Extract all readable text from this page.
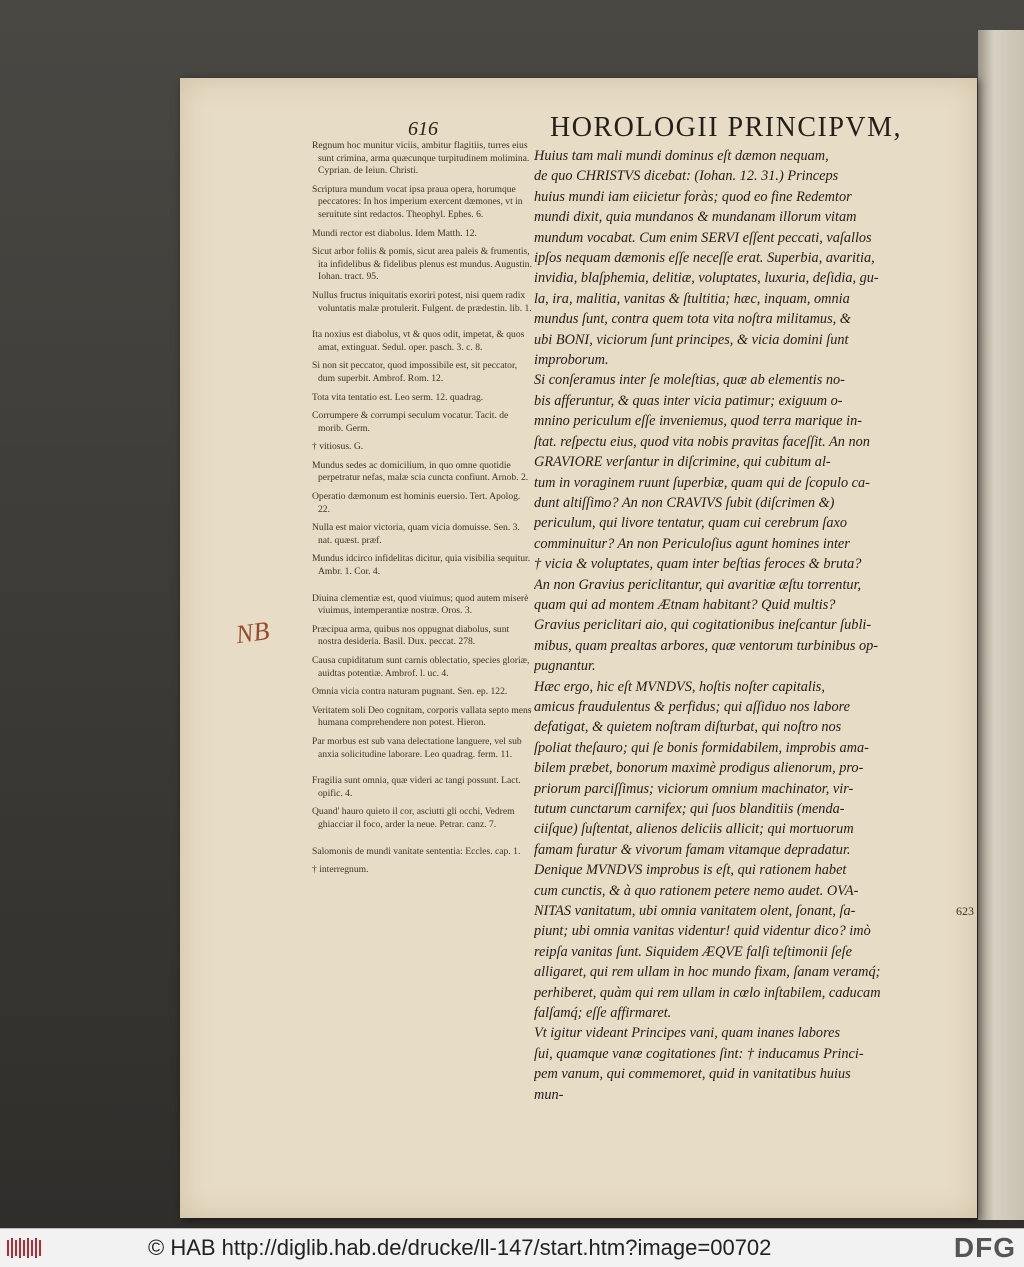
616	HOROLOGII PRINCIPVM,
Regnum hoc munitur viciis, ambitur flagitiis, turres eius sunt crimina, arma quæcunque turpitudinem molimina. Cyprian. de Ieiun. Christi.
Scriptura mundum vocat ipsa praua opera, horumque peccatores: In hos imperium exercent dæmones, vt in seruitute sint redactos. Theophyl. Ephes. 6.
Mundi rector est diabolus. Idem Matth. 12.
Sicut arbor foliis & pomis, sicut area paleis & frumentis, ita infidelibus & fidelibus plenus est mundus. Augustin. Iohan. tract. 95.
Nullus fructus iniquitatis exoriri potest, nisi quem radix voluntatis malæ protulerit. Fulgent. de prædestin. lib. 1.
Ita noxius est diabolus, vt & quos odit, impetat, & quos amat, extinguat. Sedul. oper. pasch. 3. c. 8.
Si non sit peccator, quod impossibile est, sit peccator, dum superbit. Ambrof. Rom. 12.
Tota vita tentatio est. Leo serm. 12. quadrag.
Corrumpere & corrumpi seculum vocatur. Tacit. de morib. Germ.
† vitiosus. G.
Mundus sedes ac domicilium, in quo omne quotidie perpetratur nefas, malæ scia cuncta confiunt. Arnob. 2.
Operatio dæmonum est hominis euersio. Tert. Apolog. 22.
Nulla est maior victoria, quam vicia domuisse. Sen. 3. nat. quæst. præf.
Mundus idcirco infidelitas dicitur, quia visibilia sequitur. Ambr. 1. Cor. 4.
Diuina clementiæ est, quod viuimus; quod autem miserè viuimus, intemperantiæ nostræ. Oros. 3.
Præcipua arma, quibus nos oppugnat diabolus, sunt nostra desideria. Basil. Dux. peccat. 278.
Causa cupiditatum sunt carnis oblectatio, species gloriæ, auidtas potentiæ. Ambrof. l. uc. 4.
Omnia vicia contra naturam pugnant. Sen. ep. 122.
Veritatem soli Deo cognitam, corporis vallata septo mens humana comprehendere non potest. Hieron.
Par morbus est sub vana delectatione languere, vel sub anxia solicitudine laborare. Leo quadrag. ferm. 11.
Fragilia sunt omnia, quæ videri ac tangi possunt. Lact. opific. 4.
Quand' hauro quieto il cor, asciutti gli occhi, Vedrem ghiacciar il foco, arder la neue. Petrar. canz. 7.
Salomonis de mundi vanitate sententia: Eccles. cap. 1.
† interregnum.
Huius tam mali mundi dominus eſt dæmon nequam,
de quo CHRISTVS dicebat: (Iohan. 12. 31.) Princeps
huius mundi iam eiicietur foràs; quod eo fine Redemtor
mundi dixit, quia mundanos & mundanam illorum vitam
mundum vocabat. Cum enim SERVI eſſent peccati, vaſallos
ipſos nequam dæmonis eſſe neceſſe erat. Superbia, avaritia,
invidia, blaſphemia, delitiæ, voluptates, luxuria, deſidia, gu-
la, ira, malitia, vanitas & ſtultitia; hæc, inquam, omnia
mundus ſunt, contra quem tota vita noſtra militamus, &
ubi BONI, viciorum ſunt principes, & vicia domini ſunt
improborum.
Si conſeramus inter ſe moleſtias, quæ ab elementis no-
bis afferuntur, & quas inter vicia patimur; exiguum o-
mnino periculum eſſe inveniemus, quod terra marique in-
ſtat. reſpectu eius, quod vita nobis pravitas faceſſit. An non
GRAVIORE verſantur in diſcrimine, qui cubitum al-
tum in voraginem ruunt ſuperbiæ, quam qui de ſcopulo ca-
dunt altiſſimo? An non CRAVIVS ſubit (diſcrimen &)
periculum, qui livore tentatur, quam cui cerebrum ſaxo
comminuitur? An non Periculoſius agunt homines inter
† vicia & voluptates, quam inter beſtias feroces & bruta?
An non Gravius periclitantur, qui avaritiæ æſtu torrentur,
quam qui ad montem Ætnam habitant? Quid multis?
Gravius periclitari aio, qui cogitationibus ineſcantur ſubli-
mibus, quam prealtas arbores, quæ ventorum turbinibus op-
pugnantur.
Hæc ergo, hic eſt MVNDVS, hoſtis noſter capitalis,
amicus fraudulentus & perfidus; qui aſſiduo nos labore
defatigat, & quietem noſtram diſturbat, qui noſtro nos
ſpoliat theſauro; qui ſe bonis formidabilem, improbis ama-
bilem præbet, bonorum maximè prodigus alienorum, pro-
priorum parciſſimus; viciorum omnium machinator, vir-
tutum cunctarum carnifex; qui ſuos blanditiis (menda-
ciiſque) ſuſtentat, alienos deliciis allicit; qui mortuorum
famam furatur & vivorum famam vitamque depradatur.
Denique MVNDVS improbus is eſt, qui rationem habet
cum cunctis, & à quo rationem petere nemo audet. OVA-
NITAS vanitatum, ubi omnia vanitatem olent, ſonant, ſa-
piunt; ubi omnia vanitas videntur! quid videntur dico? imò
reipſa vanitas ſunt. Siquidem ÆQVE falſi teſtimonii ſeſe
alligaret, qui rem ullam in hoc mundo fixam, ſanam veramq́;
perhiberet, quàm qui rem ullam in cœlo inſtabilem, caducam
falſamq́; eſſe affirmaret.
Vt igitur videant Principes vani, quam inanes labores
ſui, quamque vanæ cogitationes ſint: † inducamus Princi-
pem vanum, qui commemoret, quid in vanitatibus huius
mun-
NB
623
© HAB http://diglib.hab.de/drucke/ll-147/start.htm?image=00702	DFG
